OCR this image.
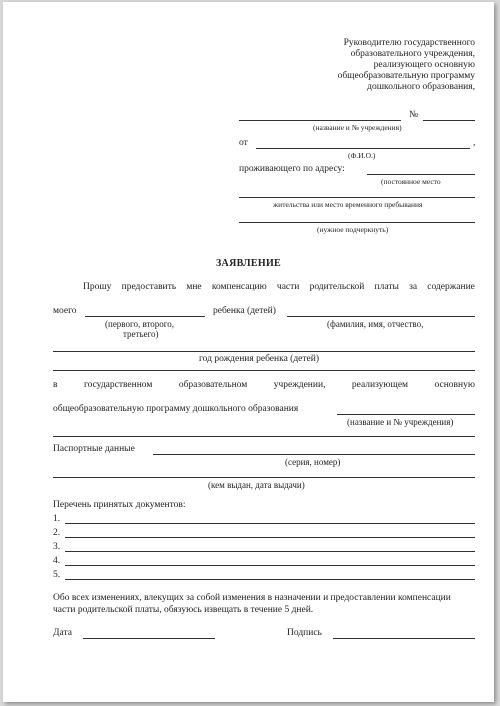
Руководителю государственного
образовательного учреждения,
реализующего основную
общеобразовательную программу
дошкольного образования,
№
(название и № учреждения)
от	,
(Ф.И.О.)
проживающего по адресу:
(постоянное место
жительства или место временного пребывания
(нужное подчеркнуть)
ЗАЯВЛЕНИЕ
Прошу предоставить мне компенсацию части родительской платы за содержание
моего	ребенка (детей)
(первого, второго,
третьего)
(фамилия, имя, отчество,
год рождения ребенка (детей)
в	государственном	образовательном	учреждении,	реализующем	основную
общеобразовательную программу дошкольного образования
(название и № учреждения)
Паспортные данные
(серия, номер)
(кем выдан, дата выдачи)
Перечень принятых документов:
1.
2.
3.
4.
5.
Обо всех изменениях, влекущих за собой изменения в назначении и предоставлении компенсации
части родительской платы, обязуюсь извещать в течение 5 дней.
Дата	Подпись
